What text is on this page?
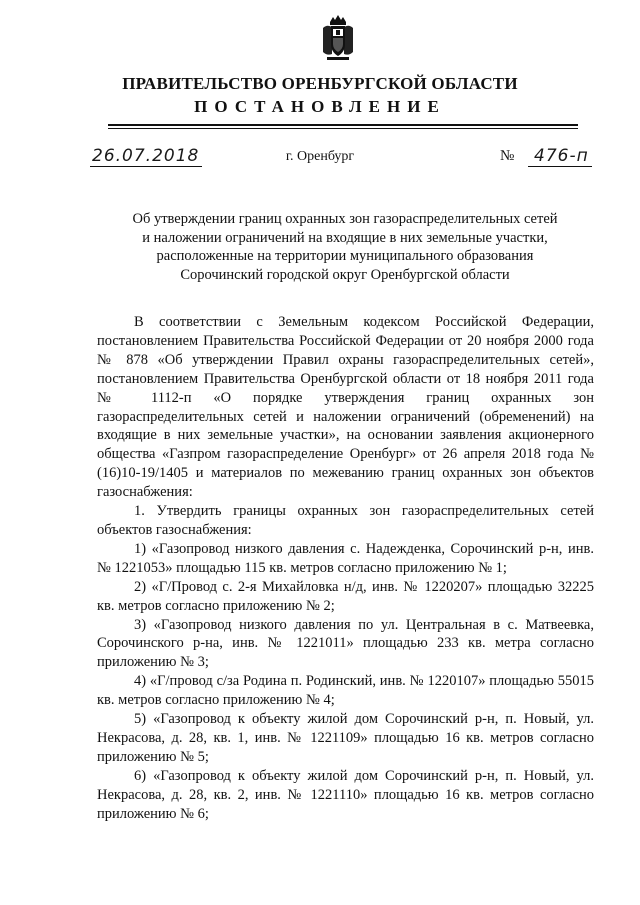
ПРАВИТЕЛЬСТВО ОРЕНБУРГСКОЙ ОБЛАСТИ
ПОСТАНОВЛЕНИЕ
26.07.2018	г. Оренбург	№ 476-п
Об утверждении границ охранных зон газораспределительных сетей
и наложении ограничений на входящие в них земельные участки,
расположенные на территории муниципального образования
Сорочинский городской округ Оренбургской области

В соответствии с Земельным кодексом Российской Федерации, постановлением Правительства Российской Федерации от 20 ноября 2000 года № 878 «Об утверждении Правил охраны газораспределительных сетей», постановлением Правительства Оренбургской области от 18 ноября 2011 года № 1112-п «О порядке утверждения границ охранных зон газораспределительных сетей и наложении ограничений (обременений) на входящие в них земельные участки», на основании заявления акционерного общества «Газпром газораспределение Оренбург» от 26 апреля 2018 года № (16)10-19/1405 и материалов по межеванию границ охранных зон объектов газоснабжения:

1. Утвердить границы охранных зон газораспределительных сетей объектов газоснабжения:

1) «Газопровод низкого давления с. Надежденка, Сорочинский р-н, инв. № 1221053» площадью 115 кв. метров согласно приложению № 1;

2) «Г/Провод с. 2-я Михайловка н/д, инв. № 1220207» площадью 32225 кв. метров согласно приложению № 2;

3) «Газопровод низкого давления по ул. Центральная в с. Матвеевка, Сорочинского р-на, инв. № 1221011» площадью 233 кв. метра согласно приложению № 3;

4) «Г/провод с/за Родина п. Родинский, инв. № 1220107» площадью 55015 кв. метров согласно приложению № 4;

5) «Газопровод к объекту жилой дом Сорочинский р-н, п. Новый, ул. Некрасова, д. 28, кв. 1, инв. № 1221109» площадью 16 кв. метров согласно приложению № 5;

6) «Газопровод к объекту жилой дом Сорочинский р-н, п. Новый, ул. Некрасова, д. 28, кв. 2, инв. № 1221110» площадью 16 кв. метров согласно приложению № 6;
